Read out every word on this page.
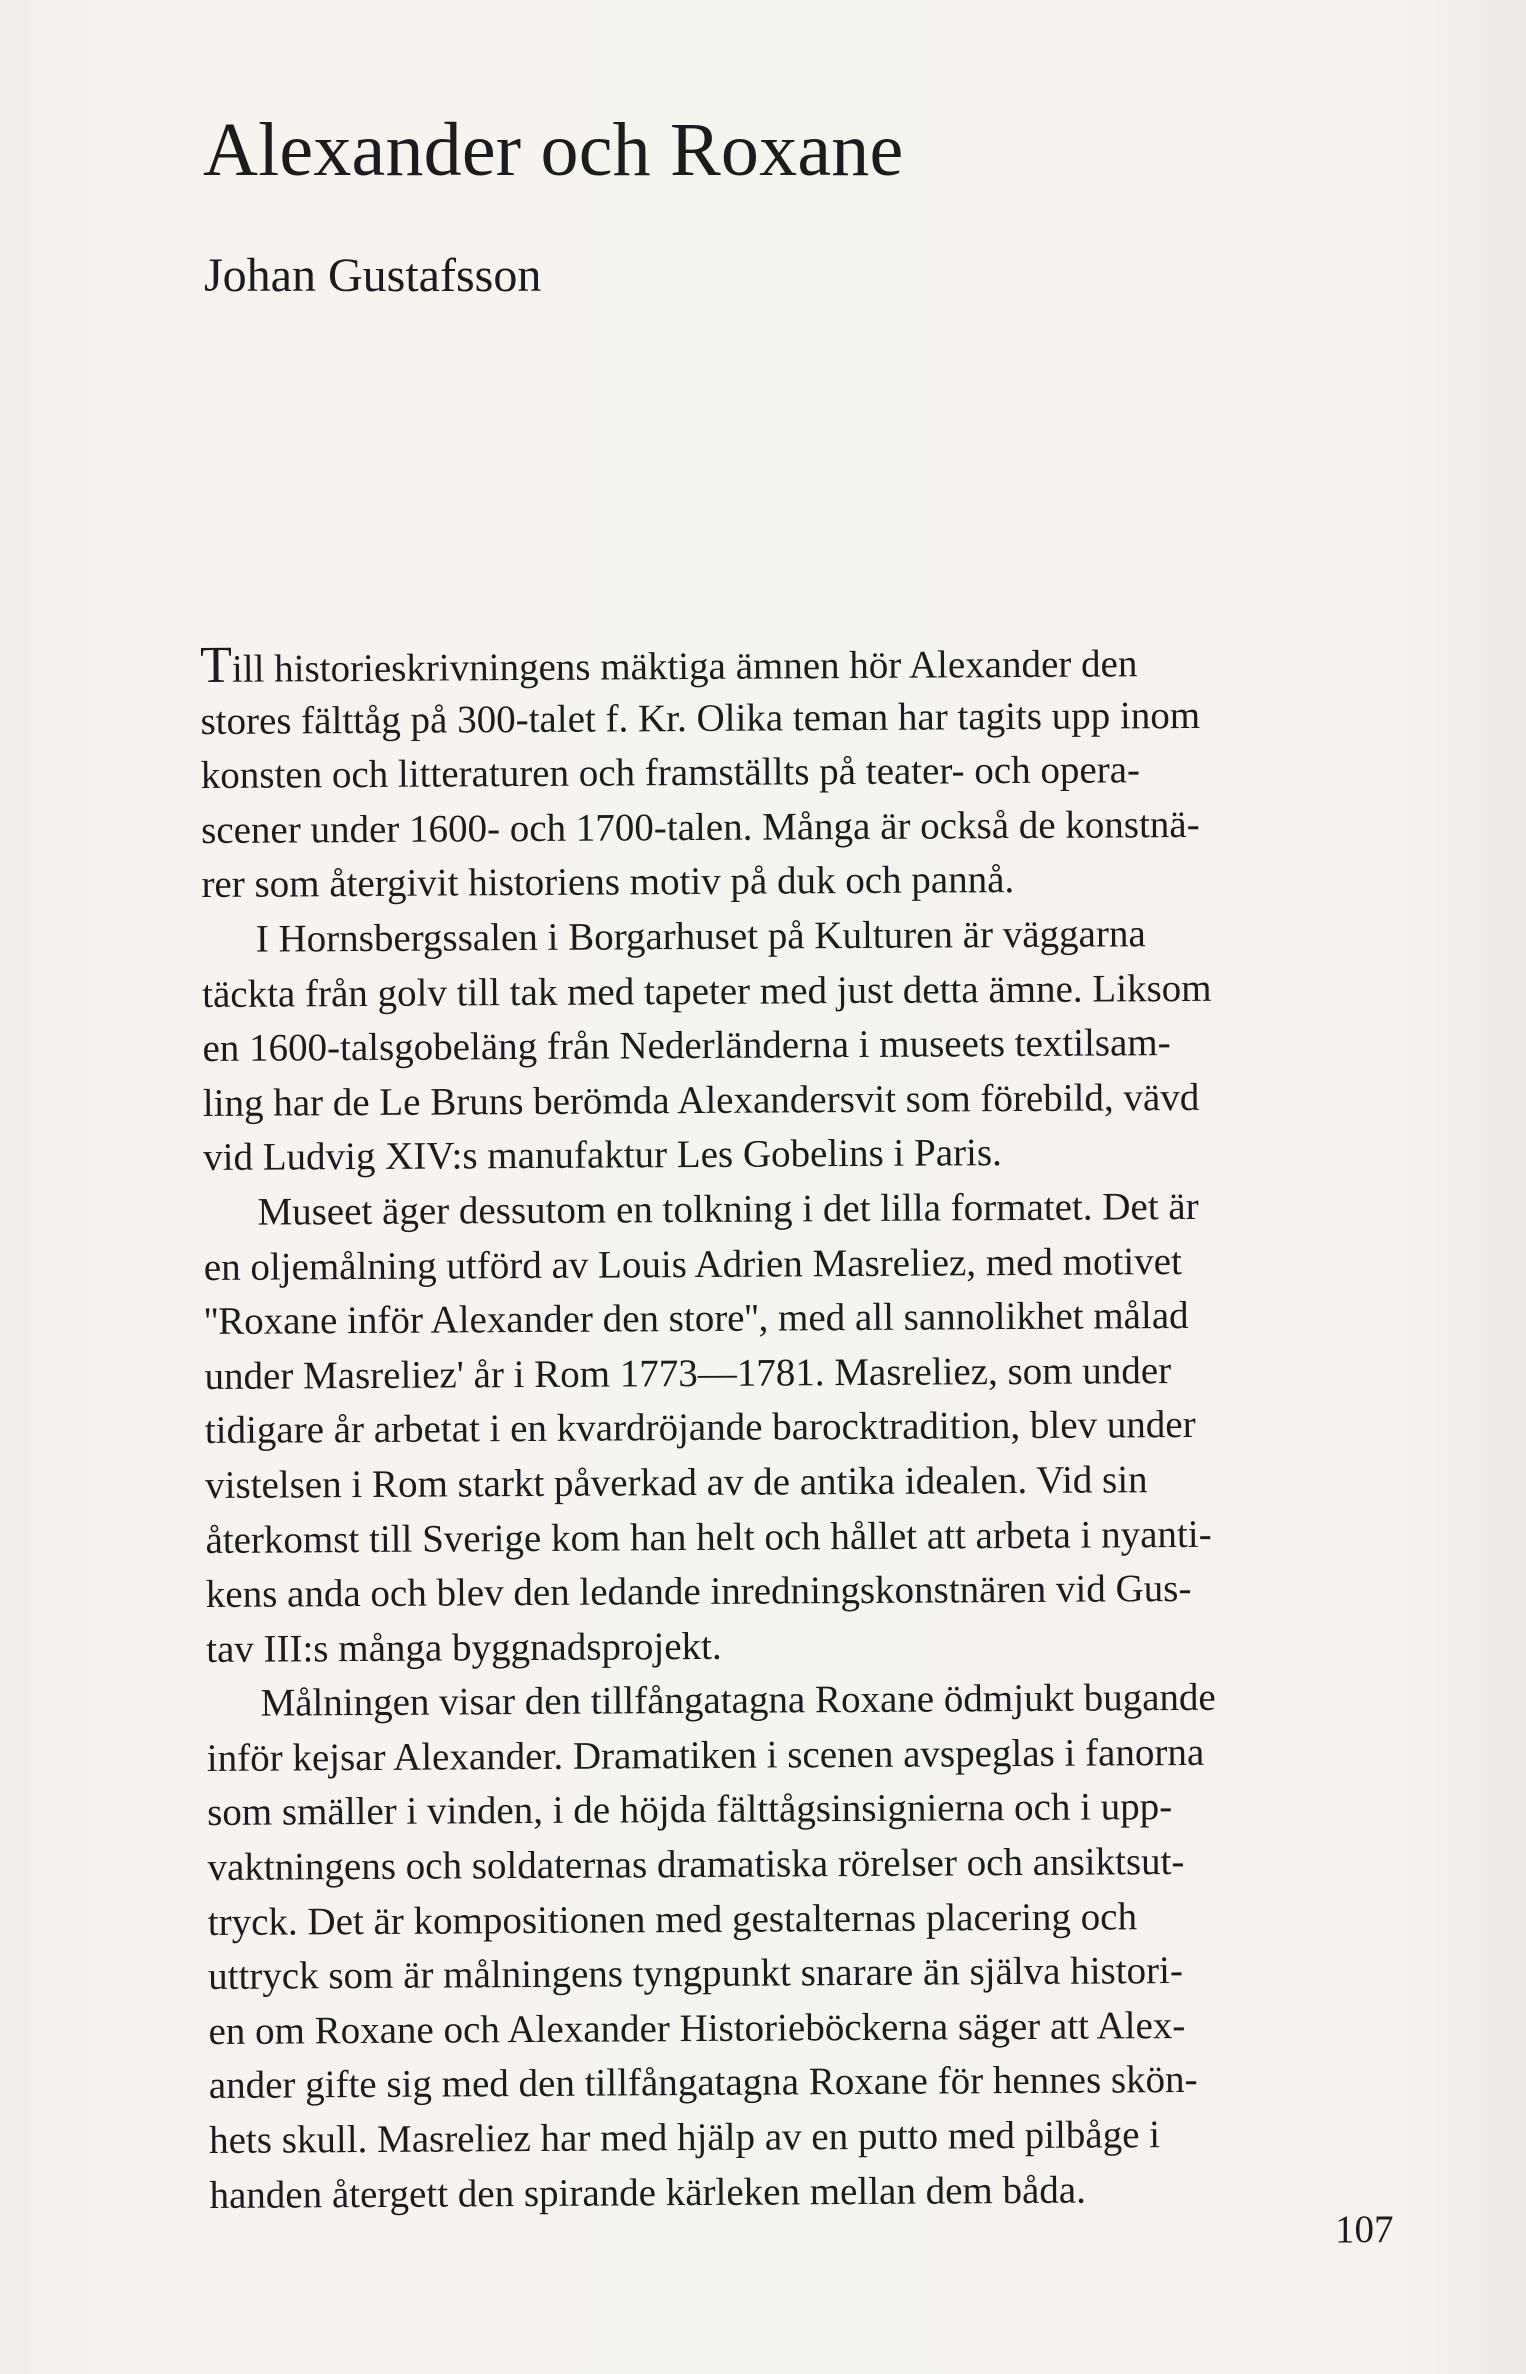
Alexander och Roxane

Johan Gustafsson

Till historieskrivningens mäktiga ämnen hör Alexander den
stores fälttåg på 300-talet f. Kr. Olika teman har tagits upp inom
konsten och litteraturen och framställts på teater- och opera-
scener under 1600- och 1700-talen. Många är också de konstnä-
rer som återgivit historiens motiv på duk och pannå.
I Hornsbergssalen i Borgarhuset på Kulturen är väggarna
täckta från golv till tak med tapeter med just detta ämne. Liksom
en 1600-talsgobeläng från Nederländerna i museets textilsam-
ling har de Le Bruns berömda Alexandersvit som förebild, vävd
vid Ludvig XIV:s manufaktur Les Gobelins i Paris.
Museet äger dessutom en tolkning i det lilla formatet. Det är
en oljemålning utförd av Louis Adrien Masreliez, med motivet
''Roxane inför Alexander den store'', med all sannolikhet målad
under Masreliez' år i Rom 1773—1781. Masreliez, som under
tidigare år arbetat i en kvardröjande barocktradition, blev under
vistelsen i Rom starkt påverkad av de antika idealen. Vid sin
återkomst till Sverige kom han helt och hållet att arbeta i nyanti-
kens anda och blev den ledande inredningskonstnären vid Gus-
tav III:s många byggnadsprojekt.
Målningen visar den tillfångatagna Roxane ödmjukt bugande
inför kejsar Alexander. Dramatiken i scenen avspeglas i fanorna
som smäller i vinden, i de höjda fälttågsinsignierna och i upp-
vaktningens och soldaternas dramatiska rörelser och ansiktsut-
tryck. Det är kompositionen med gestalternas placering och
uttryck som är målningens tyngpunkt snarare än själva histori-
en om Roxane och Alexander Historieböckerna säger att Alex-
ander gifte sig med den tillfångatagna Roxane för hennes skön-
hets skull. Masreliez har med hjälp av en putto med pilbåge i
handen återgett den spirande kärleken mellan dem båda.
107
